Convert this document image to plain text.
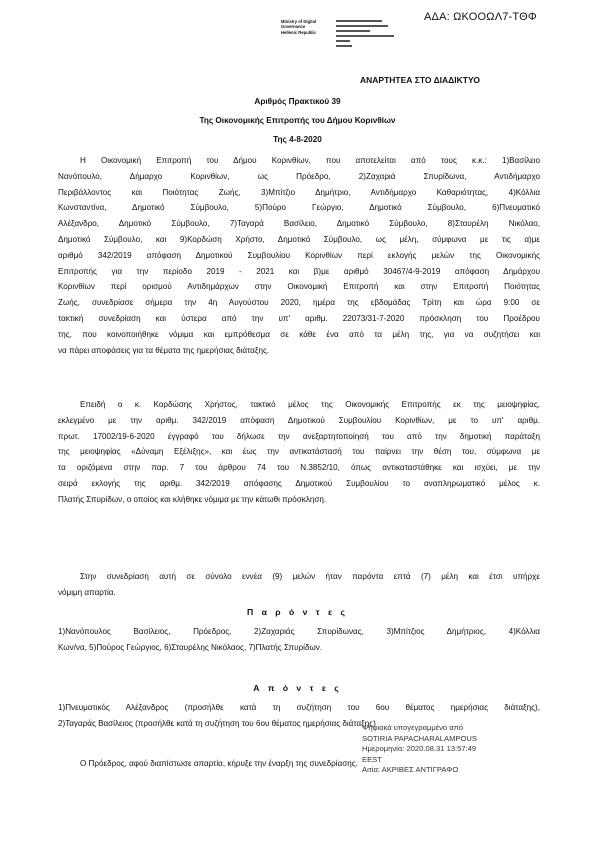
ΑΔΑ: ΩΚΟΟΩΛ7-ΤΘΦ
Ministry of Digital
Governance
Hellenic Republic
ΑΝΑΡΤΗΤΕΑ ΣΤΟ ΔΙΑΔΙΚΤΥΟ
Αριθμός Πρακτικού 39
Της Οικονομικής Επιτροπής του Δήμου Κορινθίων
Της 4-8-2020
Η Οικονομική Επιτροπή του Δήμου Κορινθίων, που αποτελείται από τους κ.κ.: 1)Βασίλειο
Νανόπουλο, Δήμαρχο Κορινθίων, ως Πρόεδρο, 2)Ζαχαριά Σπυρίδωνα, Αντιδήμαρχο
Περιβάλλοντος και Ποιότητας Ζωής, 3)Μπίτζιο Δημήτριο, Αντιδήμαρχο Καθαριότητας, 4)Κόλλια
Κωνσταντίνα, Δημοτικό Σύμβουλο, 5)Πούρο Γεώργιο, Δημοτικό Σύμβουλο, 6)Πνευματικό
Αλέξανδρο, Δημοτικό Σύμβουλο, 7)Ταγαρά Βασίλειο, Δημοτικό Σύμβουλο, 8)Σταυρέλη Νικόλαο,
Δημοτικό Σύμβουλο, και 9)Κορδώση Χρήστο, Δημοτικό Σύμβουλο, ως μέλη, σύμφωνα με τις α)με
αριθμό 342/2019 απόφαση Δημοτικού Συμβουλίου Κορινθίων περί εκλογής μελών της Οικονομικής
Επιτροπής για την περίοδο 2019 - 2021 και β)με αριθμό 30467/4-9-2019 απόφαση Δημάρχου
Κορινθίων περί ορισμού Αντιδημάρχων στην Οικονομική Επιτροπή και στην Επιτροπή Ποιότητας
Ζωής, συνεδρίασε σήμερα την 4η Αυγούστου 2020, ημέρα της εβδομάδας Τρίτη και ώρα 9:00 σε
τακτική συνεδρίαση και ύστερα από την υπ' αριθμ. 22073/31-7-2020 πρόσκληση του Προέδρου
της, που κοινοποιήθηκε νόμιμα και εμπρόθεσμα σε κάθε ένα από τα μέλη της, για να συζητήσει και
να πάρει αποφάσεις για τα θέματα της ημερήσιας διάταξης.
Επειδή ο κ. Κορδώσης Χρήστος, τακτικό μέλος της Οικονομικής Επιτροπής εκ της μειοψηφίας,
εκλεγμένο με την αριθμ. 342/2019 απόφαση Δημοτικού Συμβουλίου Κορινθίων, με το υπ' αριθμ.
πρωτ. 17002/19-6-2020 έγγραφό του δήλωσε την ανεξαρτητοποίησή του από την δημοτική παράταξη
της μειοψηφίας «Δύναμη Εξέλιξης», και έως την αντικατάστασή του παίρνει την θέση του, σύμφωνα με
τα οριζόμενα στην παρ. 7 του άρθρου 74 του Ν.3852/10, όπως αντικαταστάθηκε και ισχύει, με την
σειρά εκλογής της αριθμ. 342/2019 απόφασης Δημοτικού Συμβουλίου το αναπληρωματικό μέλος κ.
Πλατής Σπυρίδων, ο οποίος και κλήθηκε νόμιμα με την κάτωθι πρόσκληση.
Στην συνεδρίαση αυτή σε σύνολο εννέα (9) μελών ήταν παρόντα επτά (7) μέλη και έτσι υπήρχε
νόμιμη απαρτία.
Π α ρ ό ν τ ε ς
1)Νανόπουλος Βασίλειος, Πρόεδρος, 2)Ζαχαριάς Σπυρίδωνας, 3)Μπίτζιος Δημήτριος, 4)Κόλλια
Κων/να, 5)Πούρος Γεώργιος, 6)Σταυρέλης Νικόλαος, 7)Πλατής Σπυρίδων.
Α π ό ν τ ε ς
1)Πνευματικός Αλέξανδρος (προσήλθε κατά τη συζήτηση του 6ου θέματος ημερήσιας διάταξης),
2)Ταγαράς Βασίλειος (προσήλθε κατά τη συζήτηση του 6ου θέματος ημερήσιας διάταξης)
Ψηφιακά υπογεγραμμένο από
SOTIRIA PAPACHARALAMPOUS
Ημερομηνία: 2020.08.31 13:57:49
EEST
Αιτία: ΑΚΡΙΒΕΣ ΑΝΤΙΓΡΑΦΟ
Ο Πρόεδρος, αφού διαπίστωσε απαρτία, κήρυξε την έναρξη της συνεδρίασης.
